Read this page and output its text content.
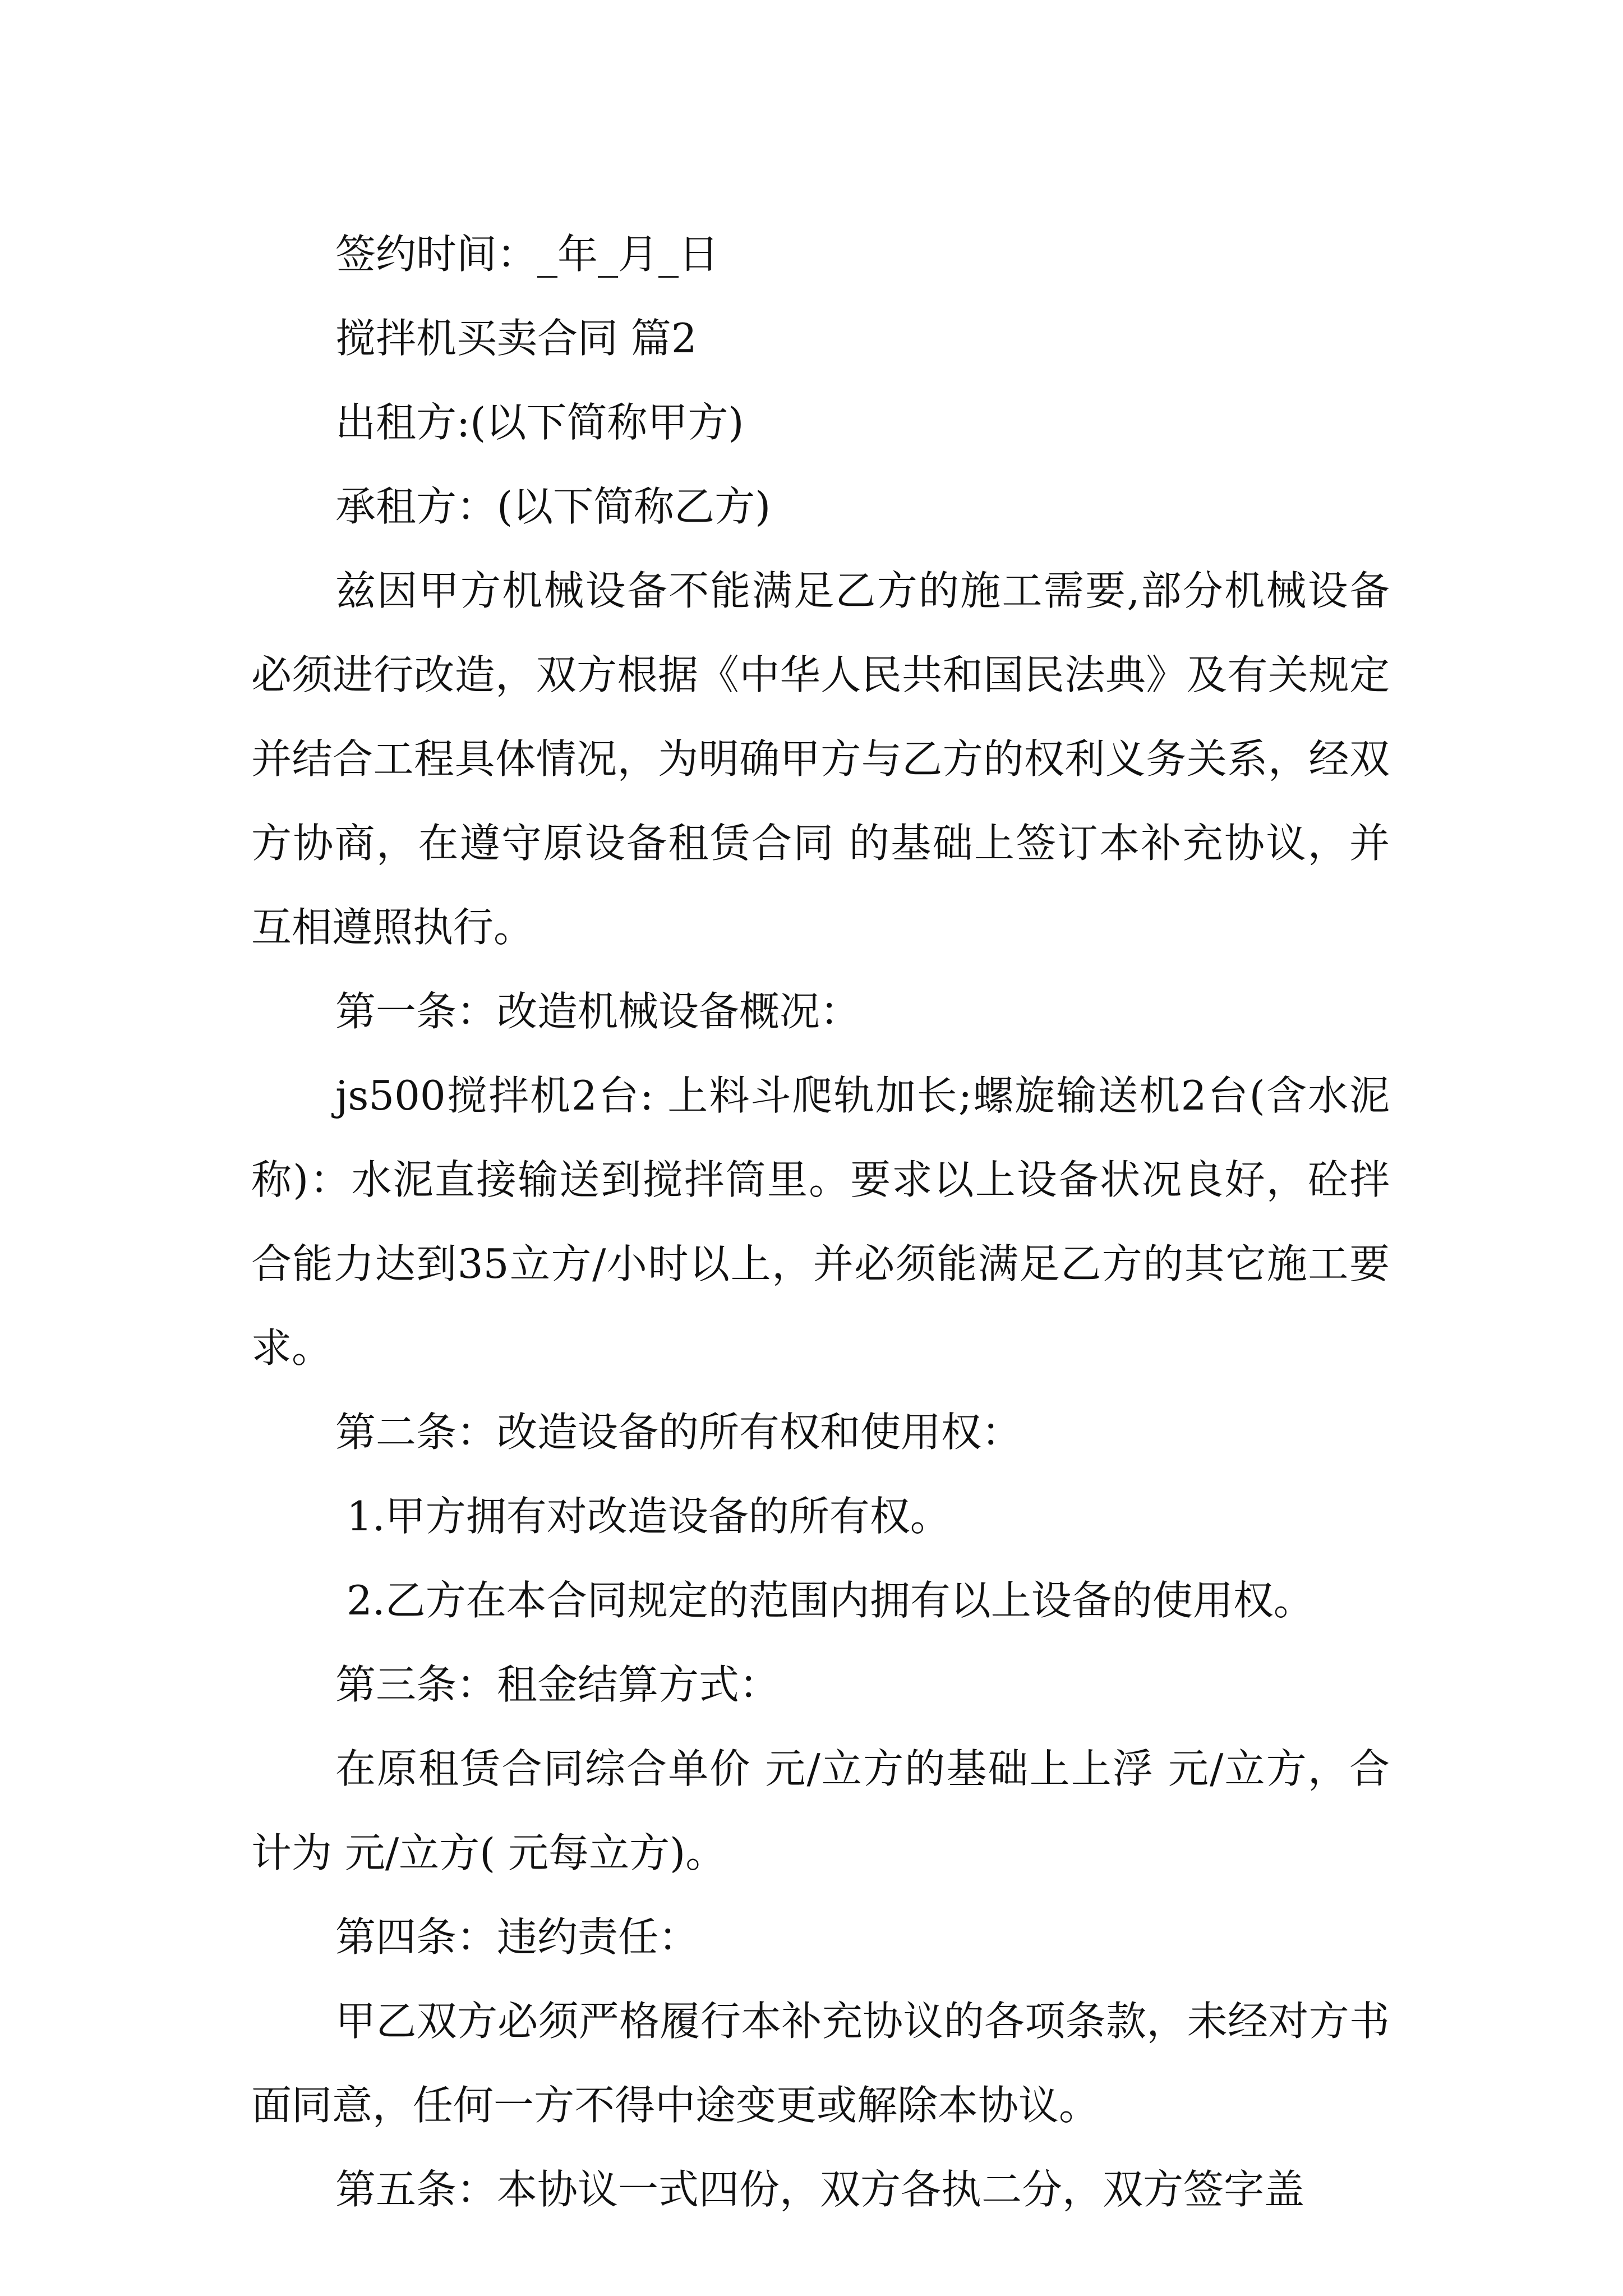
签约时间：_年_月_日

搅拌机买卖合同 篇2

出租方:(以下简称甲方)

承租方：(以下简称乙方)

兹因甲方机械设备不能满足乙方的施工需要,部分机械设备必须进行改造，双方根据《中华人民共和国民法典》及有关规定并结合工程具体情况，为明确甲方与乙方的权利义务关系，经双方协商，在遵守原设备租赁合同 的基础上签订本补充协议，并互相遵照执行。

第一条：改造机械设备概况：

js500搅拌机2台: 上料斗爬轨加长;螺旋输送机2台(含水泥称)：水泥直接输送到搅拌筒里。要求以上设备状况良好，砼拌合能力达到35立方/小时以上，并必须能满足乙方的其它施工要求。

第二条：改造设备的所有权和使用权：

1.甲方拥有对改造设备的所有权。

2.乙方在本合同规定的范围内拥有以上设备的使用权。

第三条：租金结算方式：

在原租赁合同综合单价 元/立方的基础上上浮 元/立方，合计为 元/立方( 元每立方)。

第四条：违约责任：

甲乙双方必须严格履行本补充协议的各项条款，未经对方书面同意，任何一方不得中途变更或解除本协议。

第五条：本协议一式四份，双方各执二分，双方签字盖
